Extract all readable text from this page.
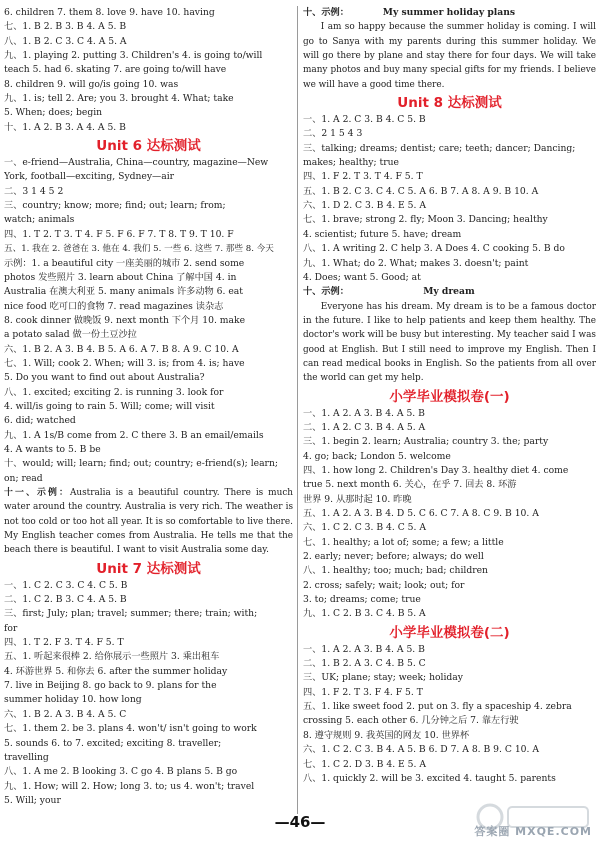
6. children 7. them 8. love 9. have 10. having
七、1. B 2. B 3. B 4. A 5. B
八、1. B 2. C 3. C 4. A 5. A
九、1. playing 2. putting 3. Children's 4. is going to/will
teach 5. had 6. skating 7. are going to/will have
8. children 9. will go/is going 10. was
九、1. is; tell 2. Are; you 3. brought 4. What; take
5. When; does; begin
十、1. A 2. B 3. A 4. A 5. B
Unit 6 达标测试
一、e-friend—Australia, China—country, magazine—New
York, football—exciting, Sydney—air
二、3 1 4 5 2
三、country; know; more; find; out; learn; from;
watch; animals
四、1. T 2. T 3. T 4. F 5. F 6. F 7. T 8. T 9. T 10. F
五、1. 我在 2. 爸爸在 3. 他在 4. 我们 5. 一些 6. 这些 7. 那些 8. 今天
示例：1. a beautiful city 一座美丽的城市 2. send some
photos 发些照片 3. learn about China 了解中国 4. in
Australia 在澳大利亚 5. many animals 许多动物 6. eat
nice food 吃可口的食物 7. read magazines 读杂志
8. cook dinner 做晚饭 9. next month 下个月 10. make
a potato salad 做一份土豆沙拉
六、1. B 2. A 3. B 4. B 5. A 6. A 7. B 8. A 9. C 10. A
七、1. Will; cook 2. When; will 3. is; from 4. is; have
5. Do you want to find out about Australia?
八、1. excited; exciting 2. is running 3. look for
4. will/is going to rain 5. Will; come; will visit
6. did; watched
九、1. A 1s/B come from 2. C there 3. B an email/emails
4. A wants to 5. B be
十、would; will; learn; find; out; country; e-friend(s); learn;
on; read
十一、示例：Australia is a beautiful country. There is much water around the country. Australia is very rich. The weather is not too cold or too hot all year. It is so comfortable to live there. My English teacher comes from Australia. He tells me that the beach there is beautiful. I want to visit Australia some day.
Unit 7 达标测试
一、1. C 2. C 3. C 4. C 5. B
二、1. C 2. B 3. C 4. A 5. B
三、first; July; plan; travel; summer; there; train; with;
for
四、1. T 2. F 3. T 4. F 5. T
五、1. 听起来很棒 2. 给你展示一些照片 3. 乘出租车
4. 环游世界 5. 和你去 6. after the summer holiday
7. live in Beijing 8. go back to 9. plans for the
summer holiday 10. how long
六、1. B 2. A 3. B 4. A 5. C
七、1. them 2. be 3. plans 4. won't/ isn't going to work
5. sounds 6. to 7. excited; exciting 8. traveller;
travelling
八、1. A me 2. B looking 3. C go 4. B plans 5. B go
九、1. How; will 2. How; long 3. to; us 4. won't; travel
5. Will; your
十、示例：	My summer holiday plans
I am so happy because the summer holiday is coming. I will go to Sanya with my parents during this summer holiday. We will go there by plane and stay there for four days. We will take many photos and buy many special gifts for my friends. I believe we will have a good time there.
Unit 8 达标测试
一、1. A 2. C 3. B 4. C 5. B
二、2 1 5 4 3
三、talking; dreams; dentist; care; teeth; dancer; Dancing;
makes; healthy; true
四、1. F 2. T 3. T 4. F 5. T
五、1. B 2. C 3. C 4. C 5. A 6. B 7. A 8. A 9. B 10. A
六、1. D 2. C 3. B 4. E 5. A
七、1. brave; strong 2. fly; Moon 3. Dancing; healthy
4. scientist; future 5. have; dream
八、1. A writing 2. C help 3. A Does 4. C cooking 5. B do
九、1. What; do 2. What; makes 3. doesn't; paint
4. Does; want 5. Good; at
十、示例：	My dream
Everyone has his dream. My dream is to be a famous doctor in the future. I like to help patients and keep them healthy. The doctor's work will be busy but interesting. My teacher said I was good at English. But I still need to improve my English. Then I can read medical books in English. So the patients from all over the world can get my help.
小学毕业模拟卷(一)
一、1. A 2. A 3. B 4. A 5. B
二、1. A 2. C 3. B 4. A 5. A
三、1. begin 2. learn; Australia; country 3. the; party
4. go; back; London 5. welcome
四、1. how long 2. Children's Day 3. healthy diet 4. come
true 5. next month 6. 关心，在乎 7. 回去 8. 环游
世界 9. 从那时起 10. 昨晚
五、1. A 2. A 3. B 4. D 5. C 6. C 7. A 8. C 9. B 10. A
六、1. C 2. C 3. B 4. C 5. A
七、1. healthy; a lot of; some; a few; a little
2. early; never; before; always; do well
八、1. healthy; too; much; bad; children
2. cross; safely; wait; look; out; for
3. to; dreams; come; true
九、1. C 2. B 3. C 4. B 5. A
小学毕业模拟卷(二)
一、1. A 2. A 3. B 4. A 5. B
二、1. B 2. A 3. C 4. B 5. C
三、UK; plane; stay; week; holiday
四、1. F 2. T 3. F 4. F 5. T
五、1. like sweet food 2. put on 3. fly a spaceship 4. zebra
crossing 5. each other 6. 几分钟之后 7. 靠左行驶
8. 遵守规则 9. 我英国的网友 10. 世界杯
六、1. C 2. C 3. B 4. A 5. B 6. D 7. A 8. B 9. C 10. A
七、1. C 2. D 3. B 4. E 5. A
八、1. quickly 2. will be 3. excited 4. taught 5. parents
—46—
答案圈 MXQE.COM
